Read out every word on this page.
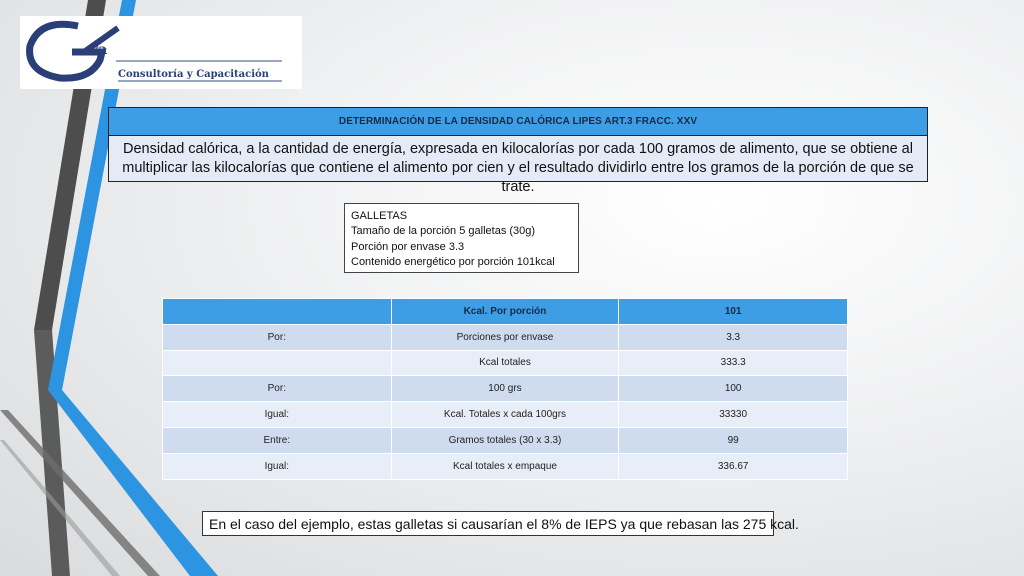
va
Consultoría y Capacitación
DETERMINACIÓN DE LA DENSIDAD CALÓRICA LIPES ART.3 FRACC. XXV
Densidad calórica, a la cantidad de energía, expresada en kilocalorías por cada 100 gramos de alimento, que se obtiene al multiplicar las kilocalorías que contiene el alimento por cien y el resultado dividirlo entre los gramos de la porción de que se trate.
GALLETAS
Tamaño de la porción 5 galletas (30g)
Porción por envase 3.3
Contenido energético por porción 101kcal
	Kcal. Por porción	101
Por:	Porciones por envase	3.3
	Kcal totales	333.3
Por:	100 grs	100
Igual:	Kcal. Totales x cada 100grs	33330
Entre:	Gramos totales (30 x 3.3)	99
Igual:	Kcal totales x empaque	336.67
En el caso del ejemplo, estas galletas si causarían el 8% de IEPS ya que rebasan las 275 kcal.
